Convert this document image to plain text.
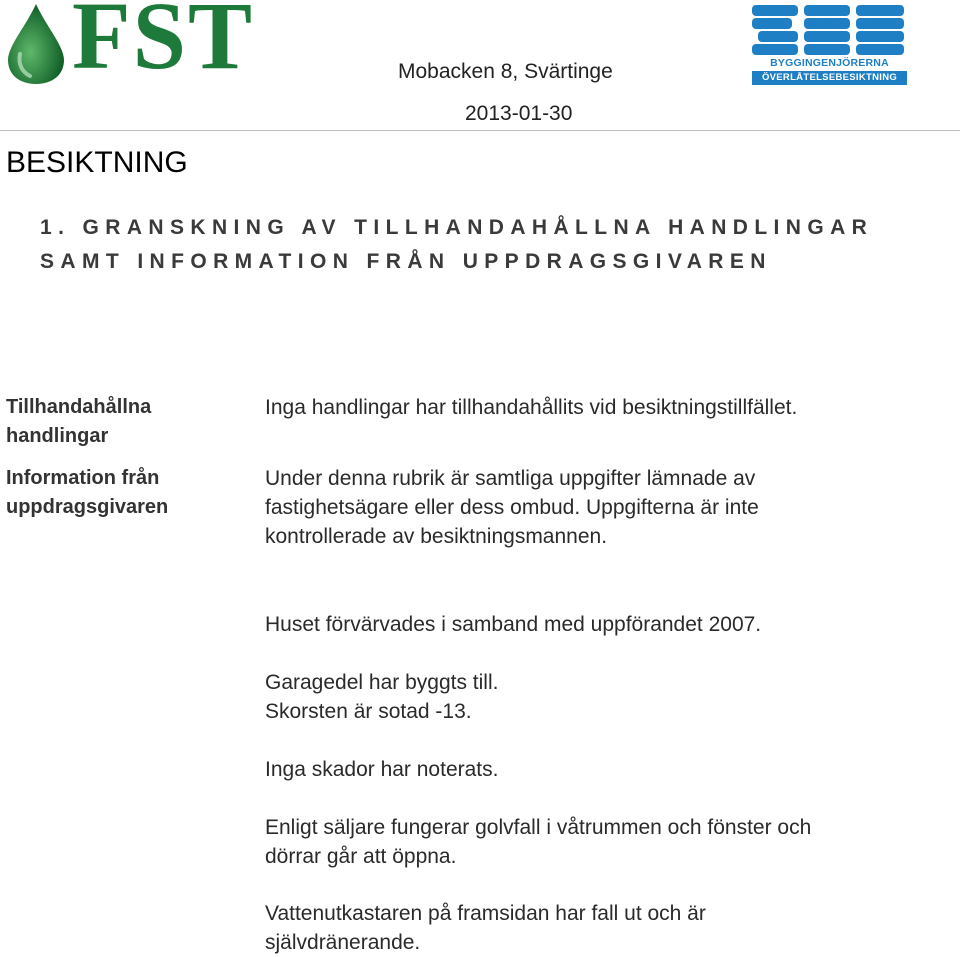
FST	BYGGINGENJÖRERNA
ÖVERLÅTELSEBESIKTNING
Mobacken 8, Svärtinge
2013-01-30
BESIKTNING
1. GRANSKNING AV TILLHANDAHÅLLNA HANDLINGAR SAMT INFORMATION FRÅN UPPDRAGSGIVAREN
Tillhandahållna
handlingar
Inga handlingar har tillhandahållits vid besiktningstillfället.
Information från
uppdragsgivaren
Under denna rubrik är samtliga uppgifter lämnade av
fastighetsägare eller dess ombud. Uppgifterna är inte
kontrollerade av besiktningsmannen.
Huset förvärvades i samband med uppförandet 2007.
Garagedel har byggts till.
Skorsten är sotad -13.
Inga skador har noterats.
Enligt säljare fungerar golvfall i våtrummen och fönster och
dörrar går att öppna.
Vattenutkastaren på framsidan har fall ut och är
självdränerande.
